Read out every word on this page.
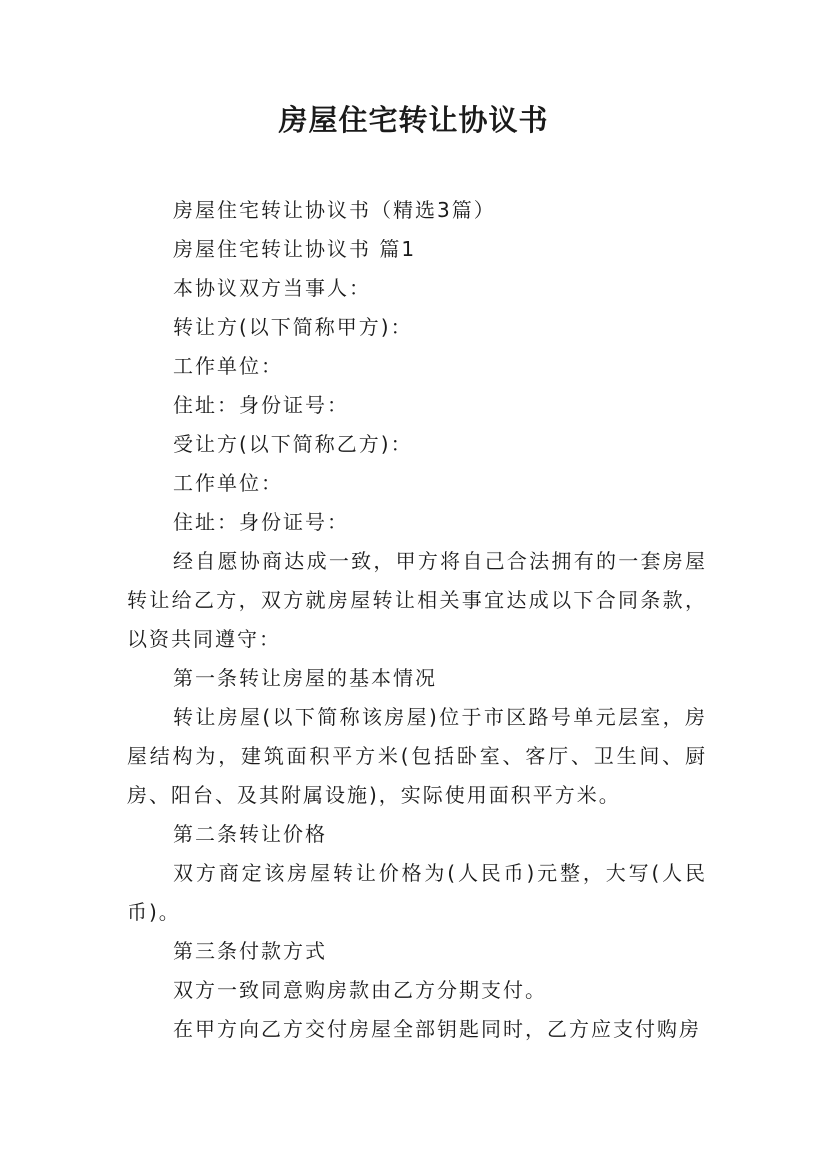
房屋住宅转让协议书

房屋住宅转让协议书（精选3篇）

房屋住宅转让协议书 篇1

本协议双方当事人：

转让方(以下简称甲方)：

工作单位：

住址：身份证号：

受让方(以下简称乙方)：

工作单位：

住址：身份证号：

经自愿协商达成一致，甲方将自己合法拥有的一套房屋转让给乙方，双方就房屋转让相关事宜达成以下合同条款，以资共同遵守：

第一条转让房屋的基本情况

转让房屋(以下简称该房屋)位于市区路号单元层室，房屋结构为，建筑面积平方米(包括卧室、客厅、卫生间、厨房、阳台、及其附属设施)，实际使用面积平方米。

第二条转让价格

双方商定该房屋转让价格为(人民币)元整，大写(人民币)。

第三条付款方式

双方一致同意购房款由乙方分期支付。

在甲方向乙方交付房屋全部钥匙同时，乙方应支付购房
